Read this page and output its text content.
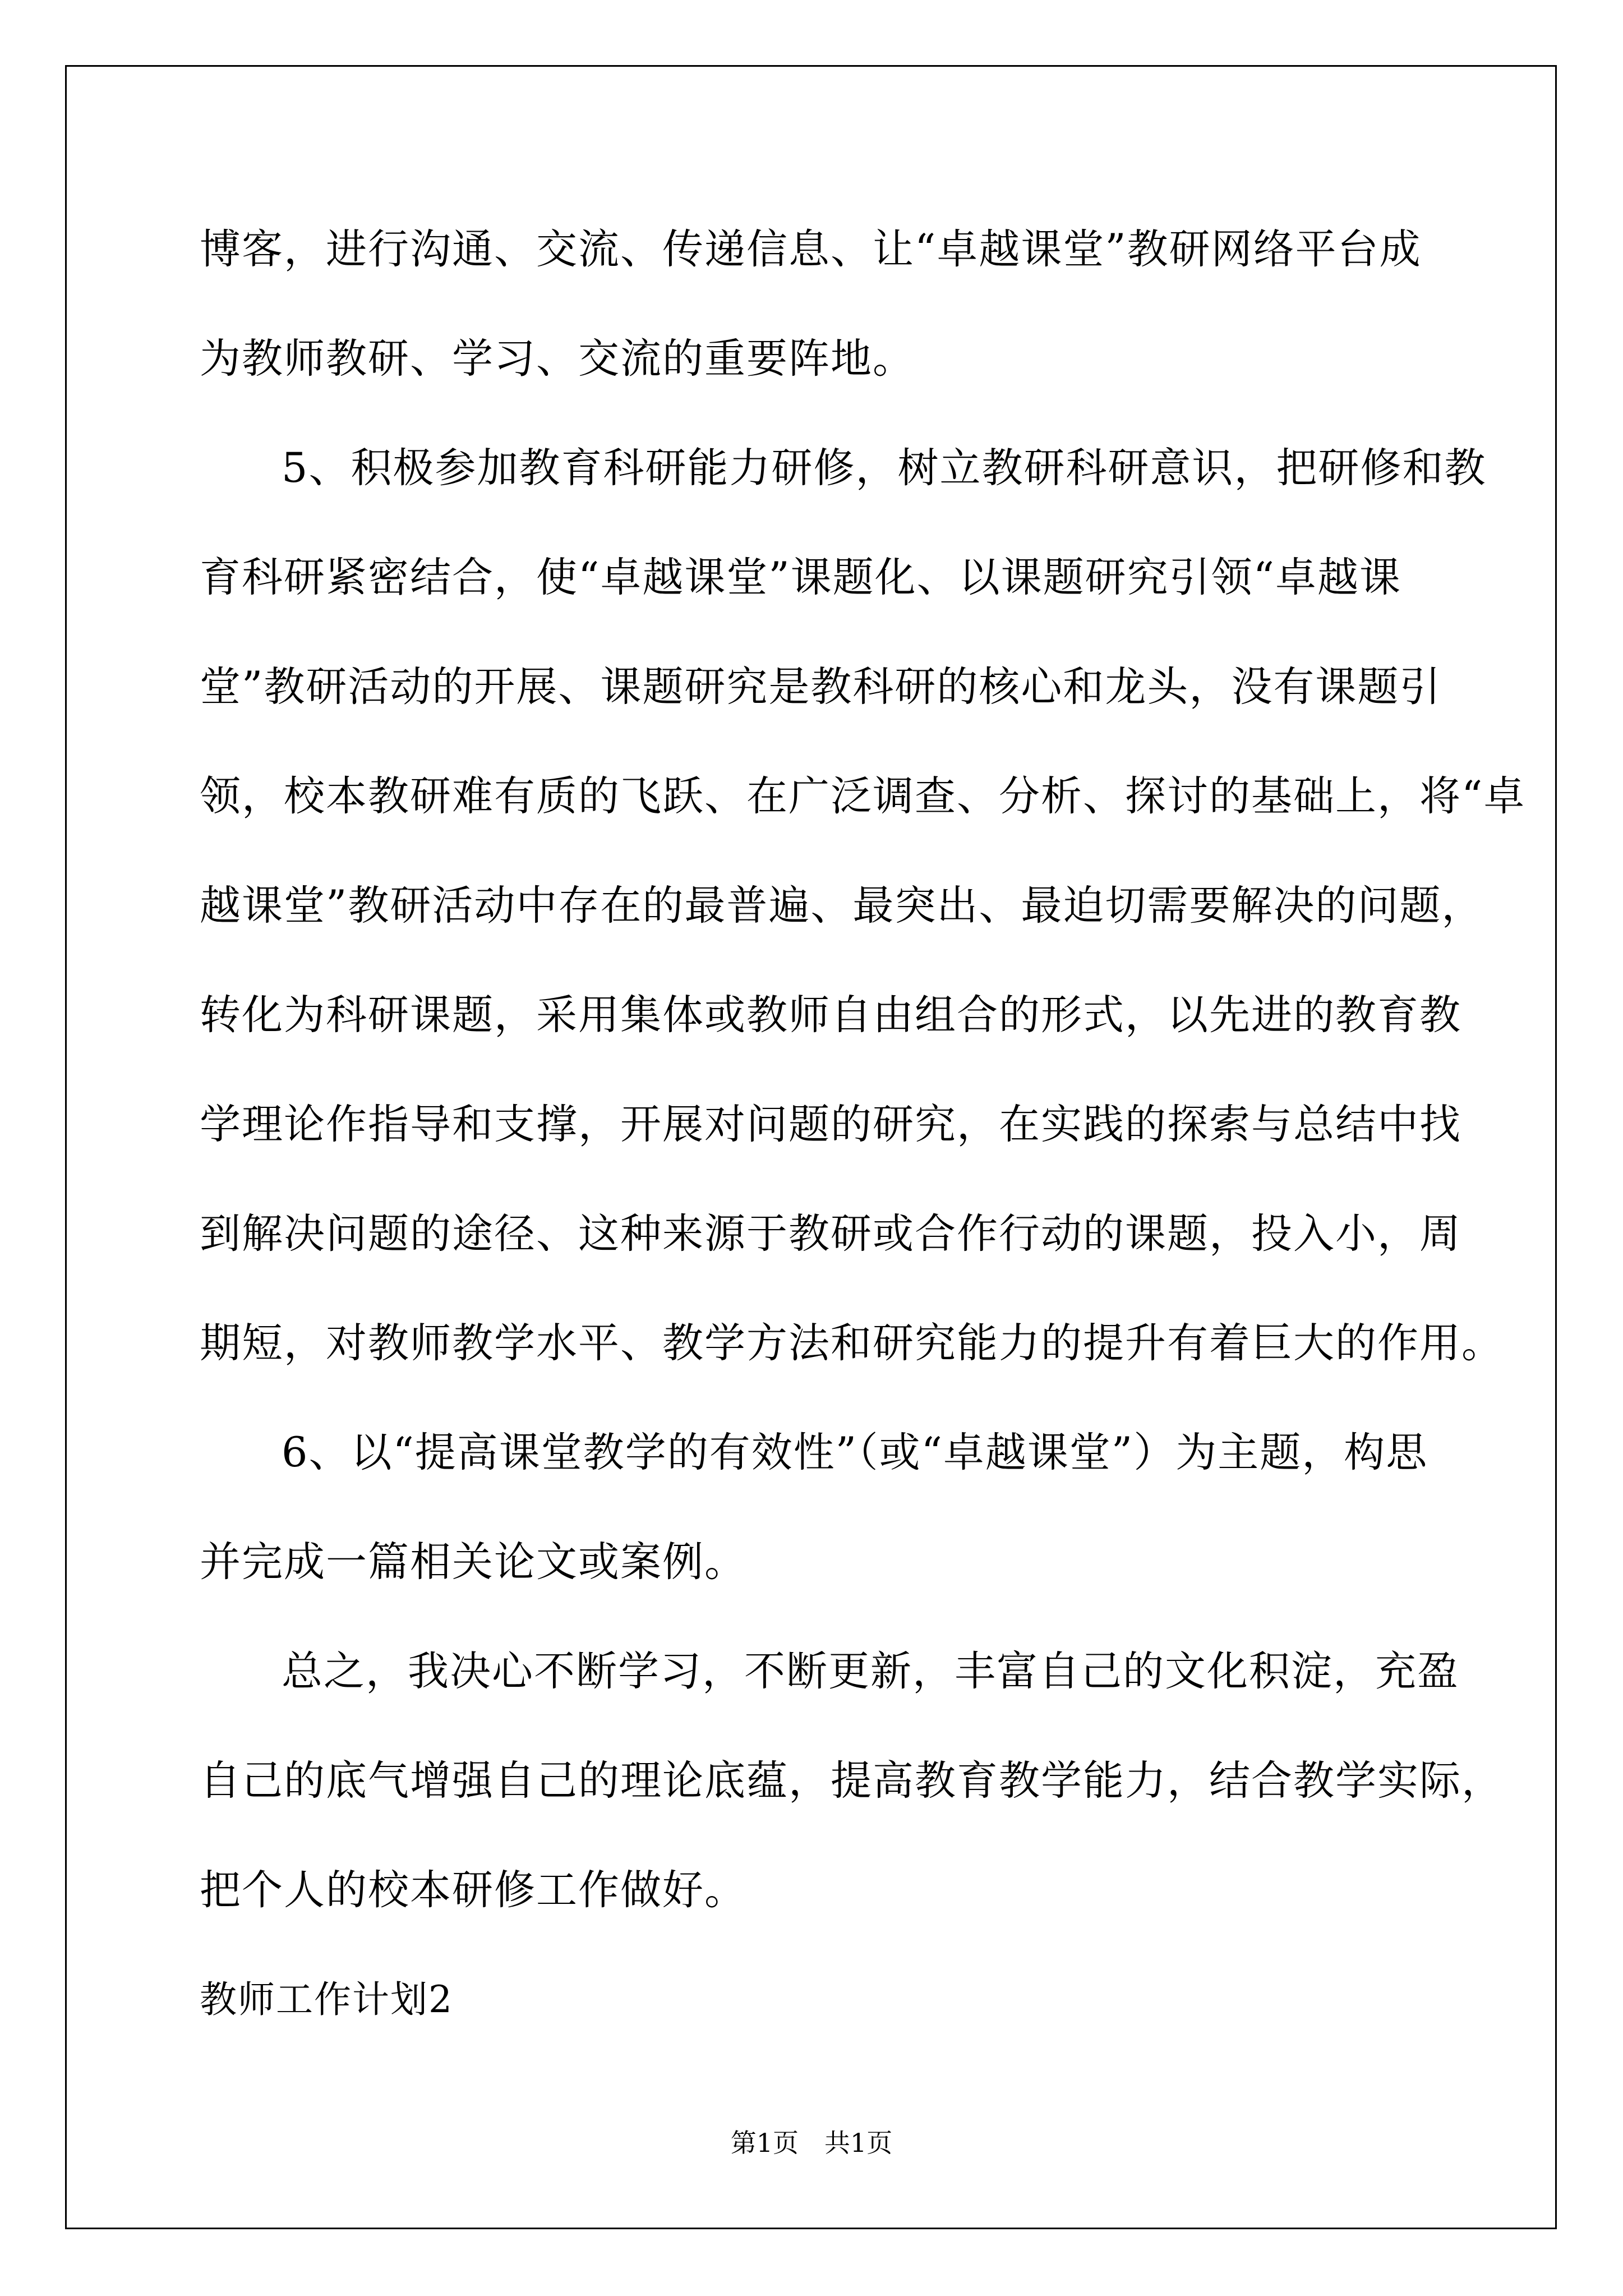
博客，进行沟通、交流、传递信息、让“卓越课堂”教研网络平台成
为教师教研、学习、交流的重要阵地。
5、积极参加教育科研能力研修，树立教研科研意识，把研修和教
育科研紧密结合，使“卓越课堂”课题化、以课题研究引领“卓越课
堂”教研活动的开展、课题研究是教科研的核心和龙头，没有课题引
领，校本教研难有质的飞跃、在广泛调查、分析、探讨的基础上，将“卓
越课堂”教研活动中存在的最普遍、最突出、最迫切需要解决的问题，
转化为科研课题，采用集体或教师自由组合的形式，以先进的教育教
学理论作指导和支撑，开展对问题的研究，在实践的探索与总结中找
到解决问题的途径、这种来源于教研或合作行动的课题，投入小，周
期短，对教师教学水平、教学方法和研究能力的提升有着巨大的作用。
6、以“提高课堂教学的有效性”（或“卓越课堂”）为主题，构思
并完成一篇相关论文或案例。
总之，我决心不断学习，不断更新，丰富自己的文化积淀，充盈
自己的底气增强自己的理论底蕴，提高教育教学能力，结合教学实际，
把个人的校本研修工作做好。
教师工作计划2
第1页　共1页
